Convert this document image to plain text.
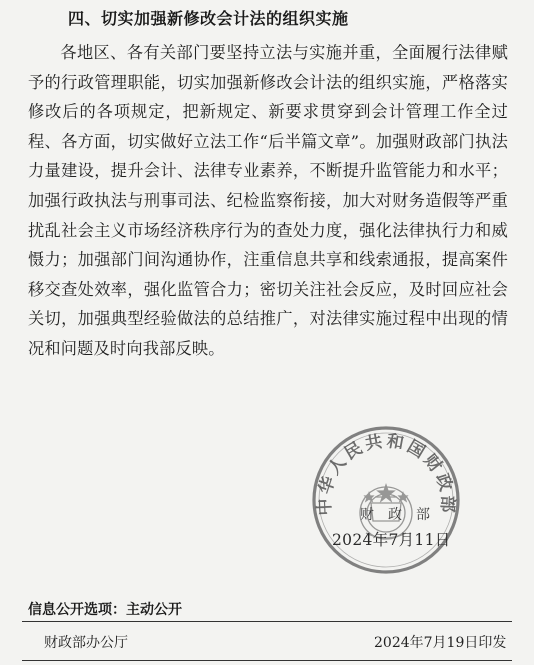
四、切实加强新修改会计法的组织实施

各地区、各有关部门要坚持立法与实施并重，全面履行法律赋予的行政管理职能，切实加强新修改会计法的组织实施，严格落实修改后的各项规定，把新规定、新要求贯穿到会计管理工作全过程、各方面，切实做好立法工作“后半篇文章”。加强财政部门执法力量建设，提升会计、法律专业素养，不断提升监管能力和水平；加强行政执法与刑事司法、纪检监察衔接，加大对财务造假等严重扰乱社会主义市场经济秩序行为的查处力度，强化法律执行力和威慑力；加强部门间沟通协作，注重信息共享和线索通报，提高案件移交查处效率，强化监管合力；密切关注社会反应，及时回应社会关切，加强典型经验做法的总结推广，对法律实施过程中出现的情况和问题及时向我部反映。

中华人民共和国财政部
财政部
2024年7月11日
信息公开选项：主动公开
财政部办公厅	2024年7月19日印发
